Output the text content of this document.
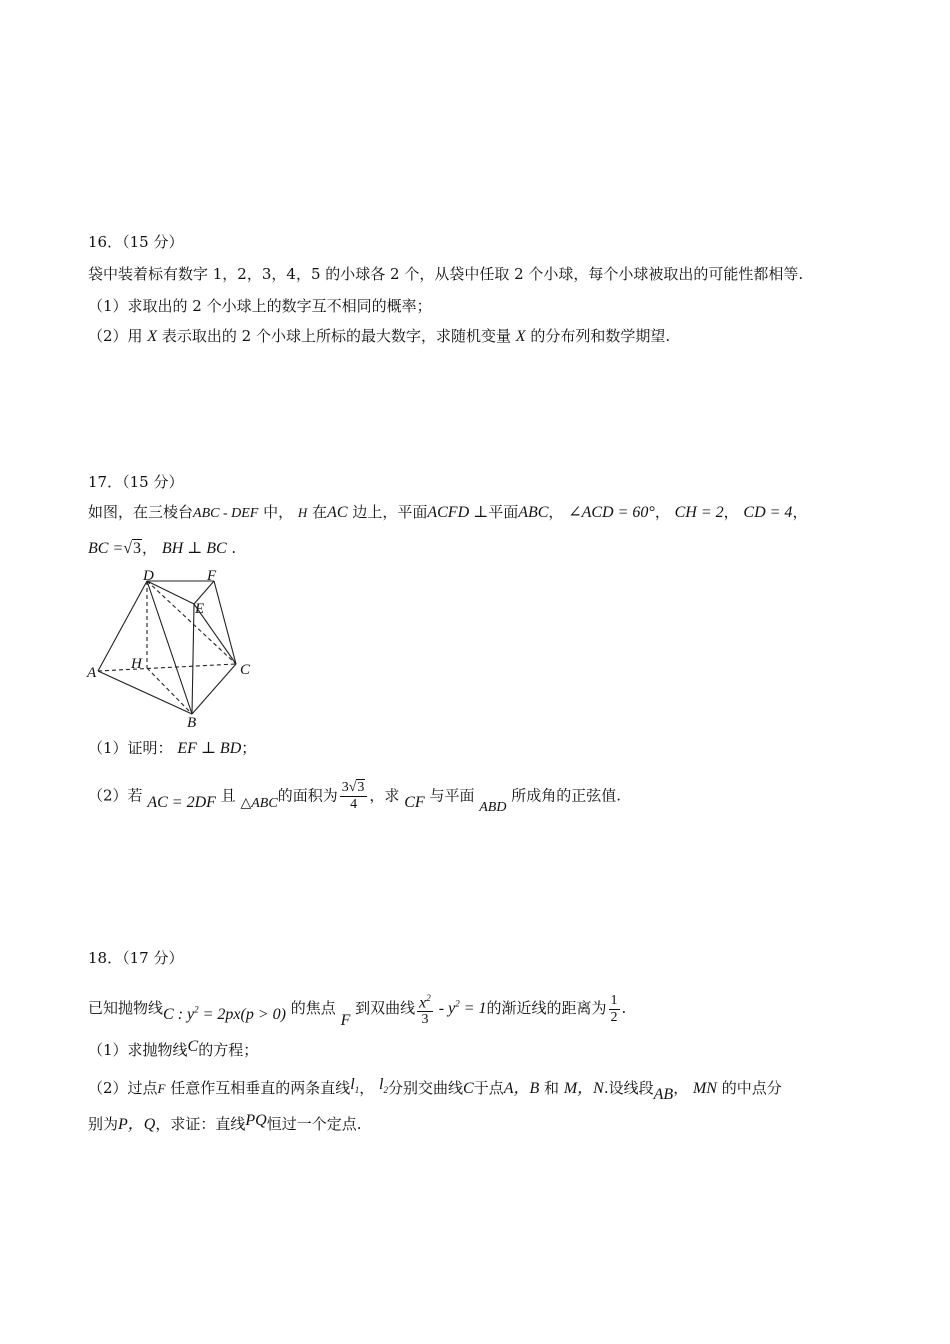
16．（15 分）
袋中装着标有数字 1，2，3，4，5 的小球各 2 个，从袋中任取 2 个小球，每个小球被取出的可能性都相等.
（1）求取出的 2 个小球上的数字互不相同的概率；
（2）用 X 表示取出的 2 个小球上所标的最大数字，求随机变量 X 的分布列和数学期望.
17．（15 分）
如图，在三棱台ABC - DEF 中， H 在AC 边上，平面ACFD ⊥平面ABC， ∠ACD = 60°， CH = 2， CD = 4，
BC =√3， BH ⊥ BC .
D	F
E
H
A	C
B
（1）证明： EF ⊥ BD；
（2）若 AC = 2DF 且 △ABC的面积为 $\frac{3√3}{4}$ ，求 CF 与平面 ABD 所成角的正弦值.
18．（17 分）
已知抛物线C : $y^2 = 2px(p > 0)$ 的焦点 F 到双曲线 $\frac{x^2}{3} - y^2 = 1$的渐近线的距离为 $\frac{1}{2}$ .
（1）求抛物线C的方程；
（2）过点F 任意作互相垂直的两条直线$l_1$， $l_2$分别交曲线C于点A，B 和 M，N.设线段AB， MN 的中点分
别为P，Q，求证：直线PQ恒过一个定点.
